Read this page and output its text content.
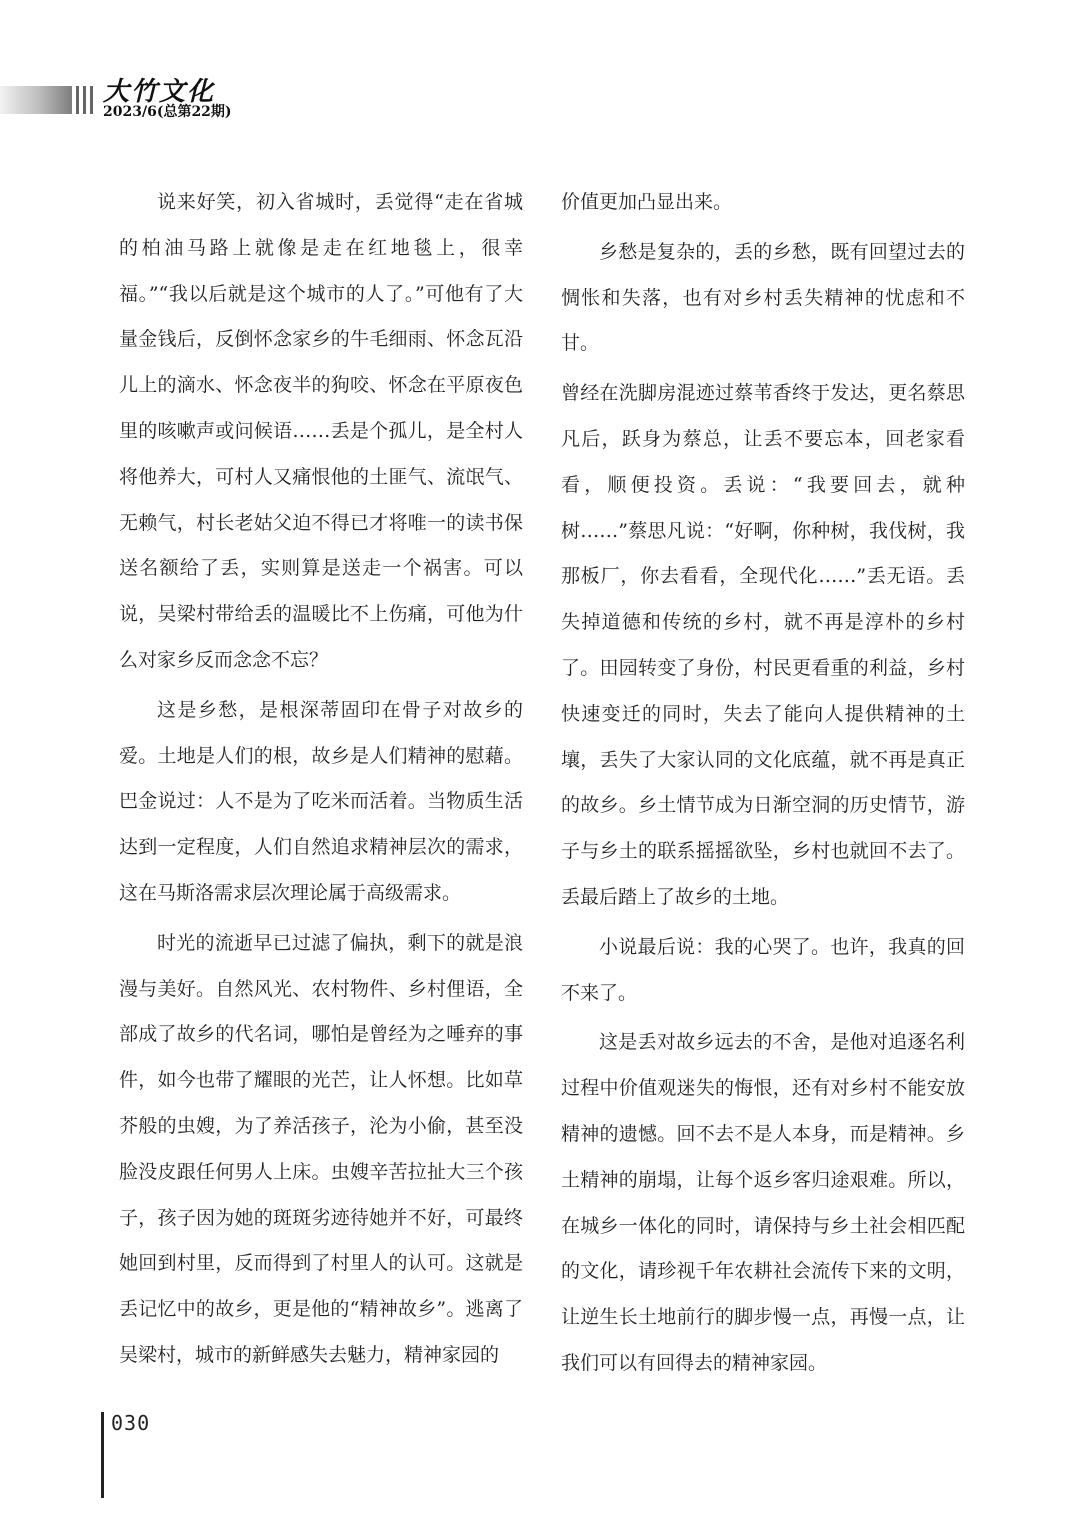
大竹文化
2023/6(总第22期)

说来好笑，初入省城时，丢觉得“走在省城的柏油马路上就像是走在红地毯上，很幸福。”“我以后就是这个城市的人了。”可他有了大量金钱后，反倒怀念家乡的牛毛细雨、怀念瓦沿儿上的滴水、怀念夜半的狗咬、怀念在平原夜色里的咳嗽声或问候语……丢是个孤儿，是全村人将他养大，可村人又痛恨他的土匪气、流氓气、无赖气，村长老姑父迫不得已才将唯一的读书保送名额给了丢，实则算是送走一个祸害。可以说，吴梁村带给丢的温暖比不上伤痛，可他为什么对家乡反而念念不忘？

这是乡愁，是根深蒂固印在骨子对故乡的爱。土地是人们的根，故乡是人们精神的慰藉。巴金说过：人不是为了吃米而活着。当物质生活达到一定程度，人们自然追求精神层次的需求，这在马斯洛需求层次理论属于高级需求。

时光的流逝早已过滤了偏执，剩下的就是浪漫与美好。自然风光、农村物件、乡村俚语，全部成了故乡的代名词，哪怕是曾经为之唾弃的事件，如今也带了耀眼的光芒，让人怀想。比如草芥般的虫嫂，为了养活孩子，沦为小偷，甚至没脸没皮跟任何男人上床。虫嫂辛苦拉扯大三个孩子，孩子因为她的斑斑劣迹待她并不好，可最终她回到村里，反而得到了村里人的认可。这就是丢记忆中的故乡，更是他的“精神故乡”。逃离了吴梁村，城市的新鲜感失去魅力，精神家园的

价值更加凸显出来。

乡愁是复杂的，丢的乡愁，既有回望过去的惆怅和失落，也有对乡村丢失精神的忧虑和不甘。

曾经在洗脚房混迹过蔡苇香终于发达，更名蔡思凡后，跃身为蔡总，让丢不要忘本，回老家看看，顺便投资。丢说：“我要回去，就种树……”蔡思凡说：“好啊，你种树，我伐树，我那板厂，你去看看，全现代化……”丢无语。丢失掉道德和传统的乡村，就不再是淳朴的乡村了。田园转变了身份，村民更看重的利益，乡村快速变迁的同时，失去了能向人提供精神的土壤，丢失了大家认同的文化底蕴，就不再是真正的故乡。乡土情节成为日渐空洞的历史情节，游子与乡土的联系摇摇欲坠，乡村也就回不去了。丢最后踏上了故乡的土地。

小说最后说：我的心哭了。也许，我真的回不来了。

这是丢对故乡远去的不舍，是他对追逐名利过程中价值观迷失的悔恨，还有对乡村不能安放精神的遗憾。回不去不是人本身，而是精神。乡土精神的崩塌，让每个返乡客归途艰难。所以，在城乡一体化的同时，请保持与乡土社会相匹配的文化，请珍视千年农耕社会流传下来的文明，让逆生长土地前行的脚步慢一点，再慢一点，让我们可以有回得去的精神家园。

030
